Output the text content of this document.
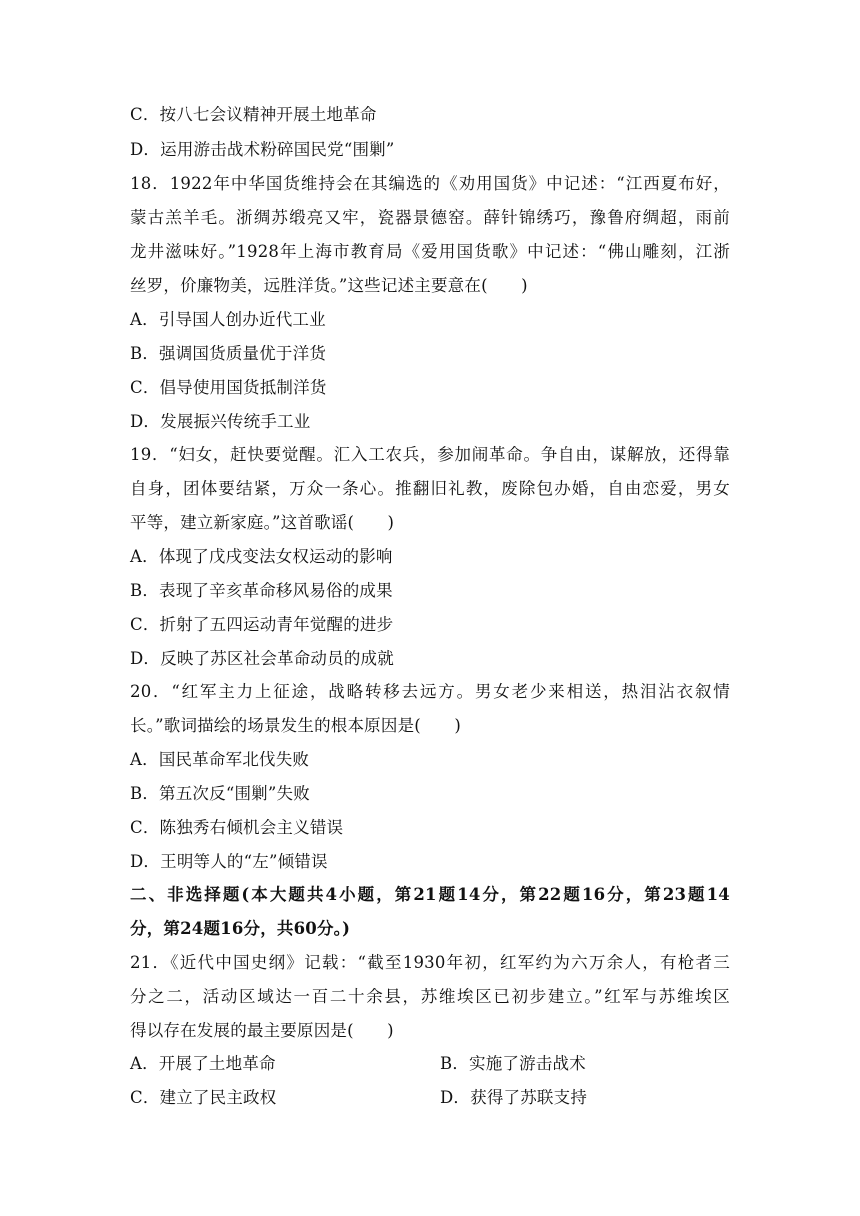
C．按八七会议精神开展土地革命
D．运用游击战术粉碎国民党“围剿”
18．1922年中华国货维持会在其编选的《劝用国货》中记述：“江西夏布好，
蒙古羔羊毛。浙绸苏缎亮又牢，瓷器景德窑。薛针锦绣巧，豫鲁府绸超，雨前
龙井滋味好。”1928年上海市教育局《爱用国货歌》中记述：“佛山雕刻，江浙
丝罗，价廉物美，远胜洋货。”这些记述主要意在(　　)
A．引导国人创办近代工业
B．强调国货质量优于洋货
C．倡导使用国货抵制洋货
D．发展振兴传统手工业
19．“妇女，赶快要觉醒。汇入工农兵，参加闹革命。争自由，谋解放，还得靠
自身，团体要结紧，万众一条心。推翻旧礼教，废除包办婚，自由恋爱，男女
平等，建立新家庭。”这首歌谣(　　)
A．体现了戊戌变法女权运动的影响
B．表现了辛亥革命移风易俗的成果
C．折射了五四运动青年觉醒的进步
D．反映了苏区社会革命动员的成就
20．“红军主力上征途，战略转移去远方。男女老少来相送，热泪沾衣叙情
长。”歌词描绘的场景发生的根本原因是(　　)
A．国民革命军北伐失败
B．第五次反“围剿”失败
C．陈独秀右倾机会主义错误
D．王明等人的“左”倾错误
二、非选择题(本大题共4小题，第21题14分，第22题16分，第23题14
分，第24题16分，共60分。)
21．《近代中国史纲》记载：“截至1930年初，红军约为六万余人，有枪者三
分之二，活动区域达一百二十余县，苏维埃区已初步建立。”红军与苏维埃区
得以存在发展的最主要原因是(　　)
A．开展了土地革命	B．实施了游击战术
C．建立了民主政权	D．获得了苏联支持
